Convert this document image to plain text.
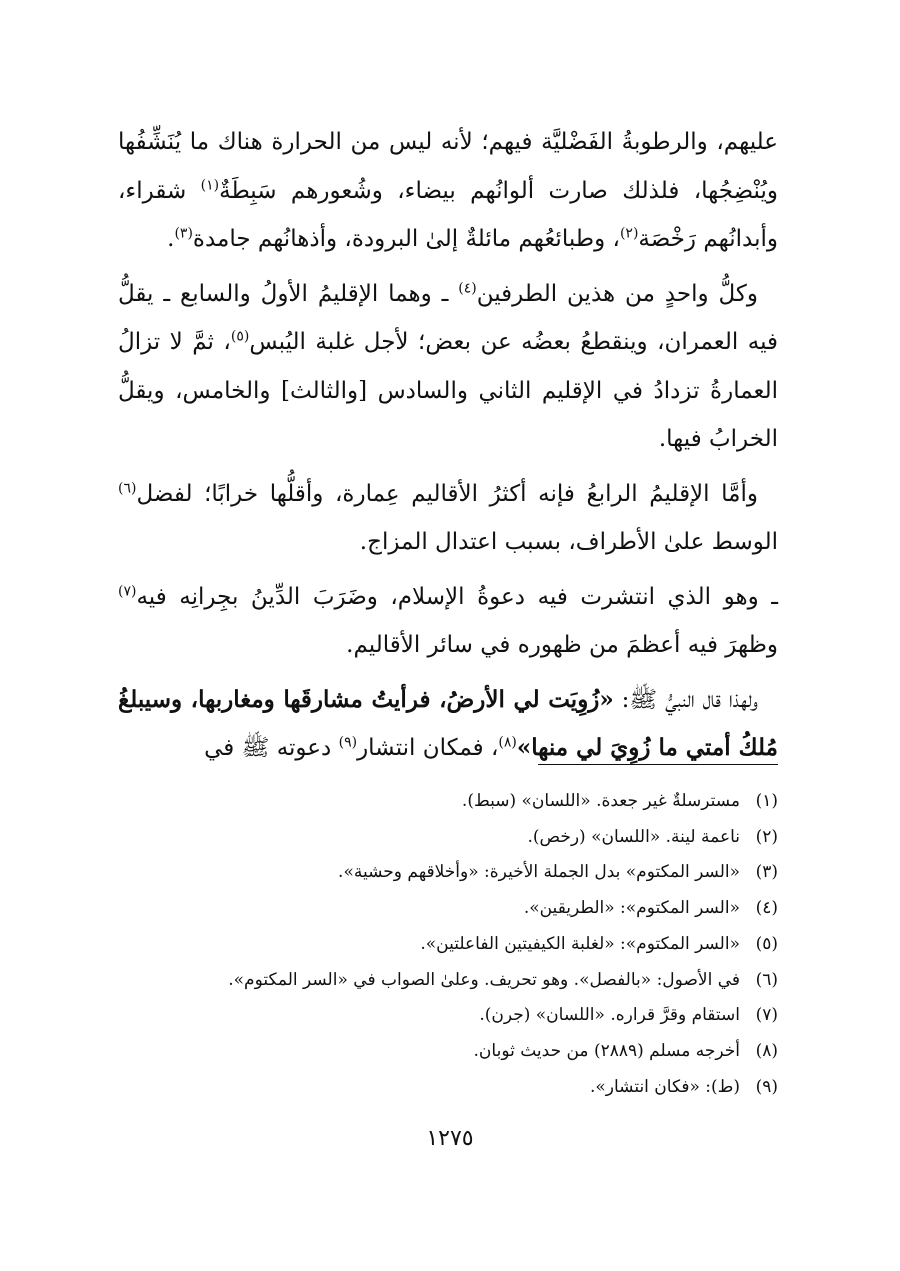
عليهم، والرطوبةُ الفَضْليَّة فيهم؛ لأنه ليس من الحرارة هناك ما يُنَشِّفُها ويُنْضِجُها، فلذلك صارت ألوانُهم بيضاء، وشُعورهم سَبِطَةٌ$^{(١)}$ شقراء، وأبدانُهم رَخْصَة$^{(٢)}$، وطبائعُهم مائلةٌ إلىٰ البرودة، وأذهانُهم جامدة$^{(٣)}$.

وكلُّ واحدٍ من هذين الطرفين$^{(٤)}$ ـ وهما الإقليمُ الأولُ والسابع ـ يقلُّ فيه العمران، وينقطعُ بعضُه عن بعض؛ لأجل غلبة اليُبس$^{(٥)}$، ثمَّ لا تزالُ العمارةُ تزدادُ في الإقليم الثاني والسادس [والثالث] والخامس، ويقلُّ الخرابُ فيها.

وأمَّا الإقليمُ الرابعُ فإنه أكثرُ الأقاليم عِمارة، وأقلُّها خرابًا؛ لفضل$^{(٦)}$ الوسط علىٰ الأطراف، بسبب اعتدال المزاج.

ـ وهو الذي انتشرت فيه دعوةُ الإسلام، وضَرَبَ الدِّينُ بجِرانِه فيه$^{(٧)}$ وظهرَ فيه أعظمَ من ظهوره في سائر الأقاليم.

ولهذا قال النبيُّ ﷺ: «زُوِيَت لي الأرضُ، فرأيتُ مشارقَها ومغاربها، وسيبلغُ مُلكُ أمتي ما زُوِيَ لي منها»$^{(٨)}$، فمكان انتشار$^{(٩)}$ دعوته ﷺ في

(١)
مسترسلةٌ غير جعدة. «اللسان» (سبط).
(٢)
ناعمة لينة. «اللسان» (رخص).
(٣)
«السر المكتوم» بدل الجملة الأخيرة: «وأخلاقهم وحشية».
(٤)
«السر المكتوم»: «الطريقين».
(٥)
«السر المكتوم»: «لغلبة الكيفيتين الفاعلتين».
(٦)
في الأصول: «بالفصل». وهو تحريف. وعلىٰ الصواب في «السر المكتوم».
(٧)
استقام وقرَّ قراره. «اللسان» (جرن).
(٨)
أخرجه مسلم (٢٨٨٩) من حديث ثوبان.
(٩)
(ط): «فكان انتشار».
١٢٧٥
